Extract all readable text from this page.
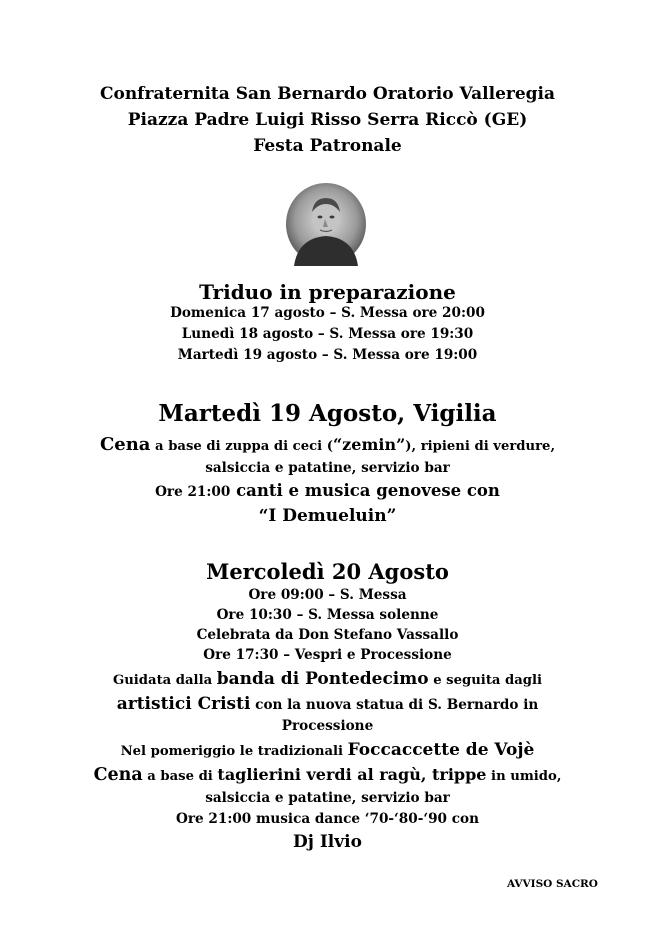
Confraternita San Bernardo Oratorio Valleregia
Piazza Padre Luigi Risso Serra Riccò (GE)
Festa Patronale
Triduo in preparazione
Domenica 17 agosto – S. Messa ore 20:00
Lunedì 18 agosto – S. Messa ore 19:30
Martedì 19 agosto – S. Messa ore 19:00
Martedì 19 Agosto, Vigilia
Cena a base di zuppa di ceci (“zemin”), ripieni di verdure,
salsiccia e patatine, servizio bar
Ore 21:00 canti e musica genovese con
“I Demueluin”
Mercoledì 20 Agosto
Ore 09:00 – S. Messa
Ore 10:30 – S. Messa solenne
Celebrata da Don Stefano Vassallo
Ore 17:30 – Vespri e Processione
Guidata dalla banda di Pontedecimo e seguita dagli
artistici Cristi con la nuova statua di S. Bernardo in
Processione
Nel pomeriggio le tradizionali Foccaccette de Vojè
Cena a base di taglierini verdi al ragù, trippe in umido,
salsiccia e patatine, servizio bar
Ore 21:00 musica dance ‘70-‘80-‘90 con
Dj Ilvio
AVVISO SACRO
